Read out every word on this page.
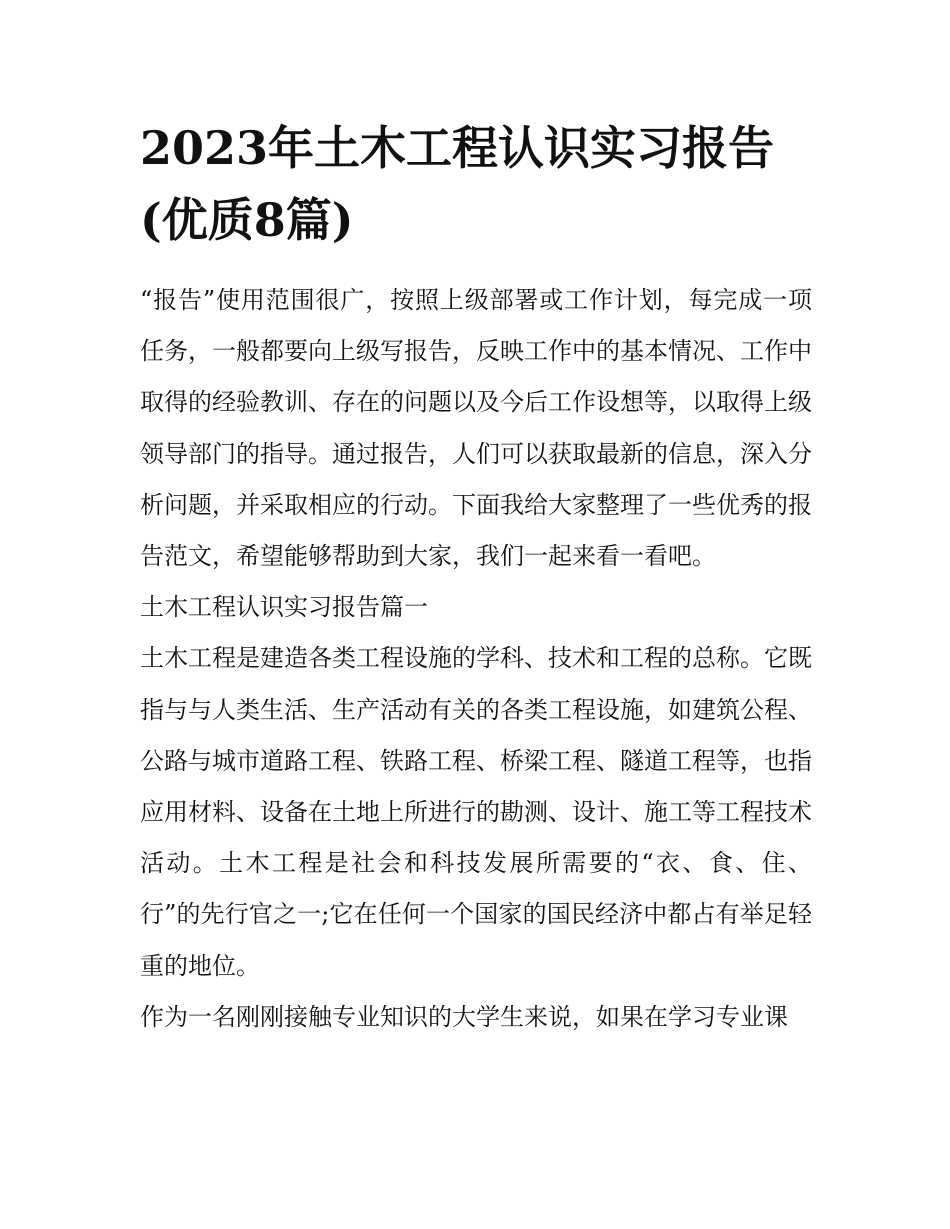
2023年土木工程认识实习报告(优质8篇)

“报告”使用范围很广，按照上级部署或工作计划，每完成一项任务，一般都要向上级写报告，反映工作中的基本情况、工作中取得的经验教训、存在的问题以及今后工作设想等，以取得上级领导部门的指导。通过报告，人们可以获取最新的信息，深入分析问题，并采取相应的行动。下面我给大家整理了一些优秀的报告范文，希望能够帮助到大家，我们一起来看一看吧。

土木工程认识实习报告篇一

土木工程是建造各类工程设施的学科、技术和工程的总称。它既指与与人类生活、生产活动有关的各类工程设施，如建筑公程、公路与城市道路工程、铁路工程、桥梁工程、隧道工程等，也指应用材料、设备在土地上所进行的勘测、设计、施工等工程技术活动。土木工程是社会和科技发展所需要的“衣、食、住、行”的先行官之一;它在任何一个国家的国民经济中都占有举足轻重的地位。

作为一名刚刚接触专业知识的大学生来说，如果在学习专业课
